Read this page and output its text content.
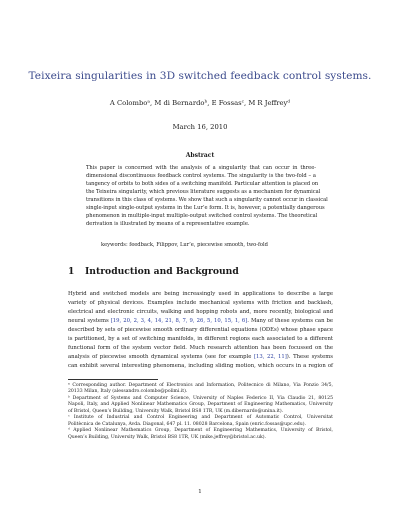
Teixeira singularities in 3D switched feedback control systems.
A Colomboᵃ, M di Bernardoᵇ, E Fossasᶜ, M R Jeffreyᵈ
March 16, 2010
Abstract
This paper is concerned with the analysis of a singularity that can occur in three-
dimensional discontinuous feedback control systems. The singularity is the two-fold – a
tangency of orbits to both sides of a switching manifold. Particular attention is placed on
the Teixeira singularity, which previous literature suggests as a mechanism for dynamical
transitions in this class of systems. We show that such a singularity cannot occur in classical
single-input single-output systems in the Lur’e form. It is, however, a potentially dangerous
phenomenon in multiple-input multiple-output switched control systems. The theoretical
derivation is illustrated by means of a representative example.
keywords: feedback, Filippov, Lur’e, piecewise smooth, two-fold
1 Introduction and Background
Hybrid and switched models are being increasingly used in applications to describe a large
variety of physical devices. Examples include mechanical systems with friction and backlash,
electrical and electronic circuits, walking and hopping robots and, more recently, biological and
neural systems [19, 20, 2, 3, 4, 14, 21, 8, 7, 9, 26, 5, 10, 15, 1, 6]. Many of these systems can be
described by sets of piecewise smooth ordinary differential equations (ODEs) whose phase space
is partitioned, by a set of switching manifolds, in different regions each associated to a different
functional form of the system vector field. Much research attention has been focussed on the
analysis of piecewise smooth dynamical systems (see for example [13, 22, 11]). These systems
can exhibit several interesting phenomena, including sliding motion, which occurs in a region of
ᵃ Corresponding author. Department of Electronics and Information, Politecnico di Milano, Via Ponzio 34/5,
20133 Milan, Italy (alessandro.colombo@polimi.it).
ᵇ Department of Systems and Computer Science, University of Naples Federico II, Via Claudio 21, 80125
Napoli, Italy, and Applied Nonlinear Mathematics Group, Department of Engineering Mathematics, University
of Bristol, Queen’s Building, University Walk, Bristol BS8 1TR, UK (m.dibernardo@unina.it).
ᶜ Institute of Industrial and Control Engineering and Department of Automatic Control, Universitat
Politècnica de Catalunya, Avda. Diagonal, 647 pl. 11. 08028 Barcelona, Spain (enric.fossas@upc.edu).
ᵈ Applied Nonlinear Mathematics Group, Department of Engineering Mathematics, University of Bristol,
Queen’s Building, University Walk, Bristol BS8 1TR, UK (mike.jeffrey@bristol.ac.uk).
1
